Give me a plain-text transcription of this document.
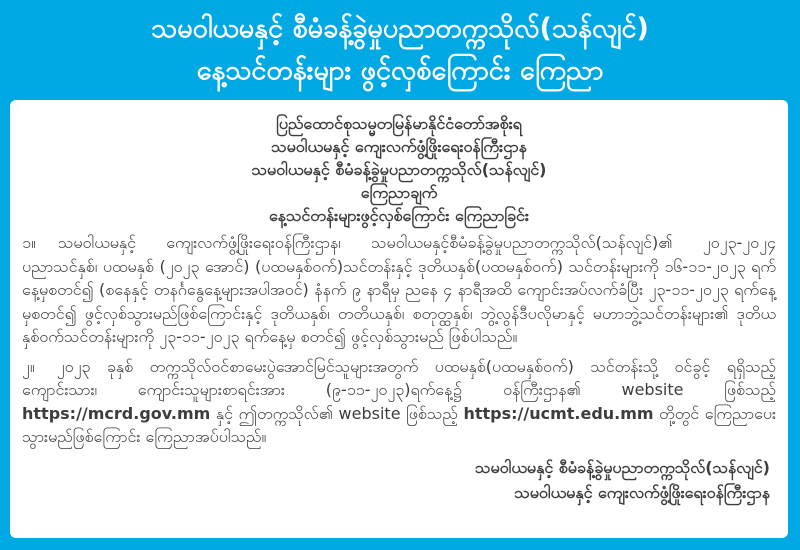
သမဝါယမနှင့် စီမံခန့်ခွဲမှုပညာတက္ကသိုလ်(သန်လျင်)
နေ့သင်တန်းများ ဖွင့်လှစ်ကြောင်း ကြေညာ
ပြည်ထောင်စုသမ္မတမြန်မာနိုင်ငံတော်အစိုးရ
သမဝါယမနှင့် ကျေးလက်ဖွံ့ဖြိုးရေးဝန်ကြီးဌာန
သမဝါယမနှင့် စီမံခန့်ခွဲမှုပညာတက္ကသိုလ်(သန်လျင်)
ကြေညာချက်
နေ့သင်တန်းများဖွင့်လှစ်ကြောင်း ကြေညာခြင်း

၁။ သမဝါယမနှင့် ကျေးလက်ဖွံ့ဖြိုးရေးဝန်ကြီးဌာန၊ သမဝါယမနှင့်စီမံခန့်ခွဲမှုပညာတက္ကသိုလ်(သန်လျင်)၏ ၂၀၂၃-၂၀၂၄ ပညာသင်နှစ်၊ ပထမနှစ် (၂၀၂၃ အောင်) (ပထမနှစ်ဝက်)သင်တန်းနှင့် ဒုတိယနှစ်(ပထမနှစ်ဝက်) သင်တန်းများကို ၁၆-၁၁-၂၀၂၃ ရက်နေ့မှစတင်၍ (စနေနှင့် တနင်္ဂနွေနေ့များအပါအဝင်) နံနက် ၉ နာရီမှ ညနေ ၄ နာရီအထိ ကျောင်းအပ်လက်ခံပြီး ၂၃-၁၁-၂၀၂၃ ရက်နေ့မှစတင်၍ ဖွင့်လှစ်သွားမည်ဖြစ်ကြောင်းနှင့် ဒုတိယနှစ်၊ တတိယနှစ်၊ စတုတ္ထနှစ်၊ ဘွဲ့လွန်ဒီပလိုမာနှင့် မဟာဘွဲ့သင်တန်းများ၏ ဒုတိယနှစ်ဝက်သင်တန်းများကို ၂၃-၁၁-၂၀၂၃ ရက်နေ့မှ စတင်၍ ဖွင့်လှစ်သွားမည် ဖြစ်ပါသည်။

၂။ ၂၀၂၃ ခုနှစ် တက္ကသိုလ်ဝင်စာမေးပွဲအောင်မြင်သူများအတွက် ပထမနှစ်(ပထမနှစ်ဝက်) သင်တန်းသို့ ဝင်ခွင့် ရရှိသည့် ကျောင်းသား၊ ကျောင်းသူများစာရင်းအား (၉-၁၁-၂၀၂၃)ရက်နေ့၌ ဝန်ကြီးဌာန၏ website ဖြစ်သည့် https://mcrd.gov.mm နှင့် ဤတက္ကသိုလ်၏ website ဖြစ်သည့် https://ucmt.edu.mm တို့တွင် ကြေညာပေးသွားမည်ဖြစ်ကြောင်း ကြေညာအပ်ပါသည်။

သမဝါယမနှင့် စီမံခန့်ခွဲမှုပညာတက္ကသိုလ်(သန်လျင်)
သမဝါယမနှင့် ကျေးလက်ဖွံ့ဖြိုးရေးဝန်ကြီးဌာန
